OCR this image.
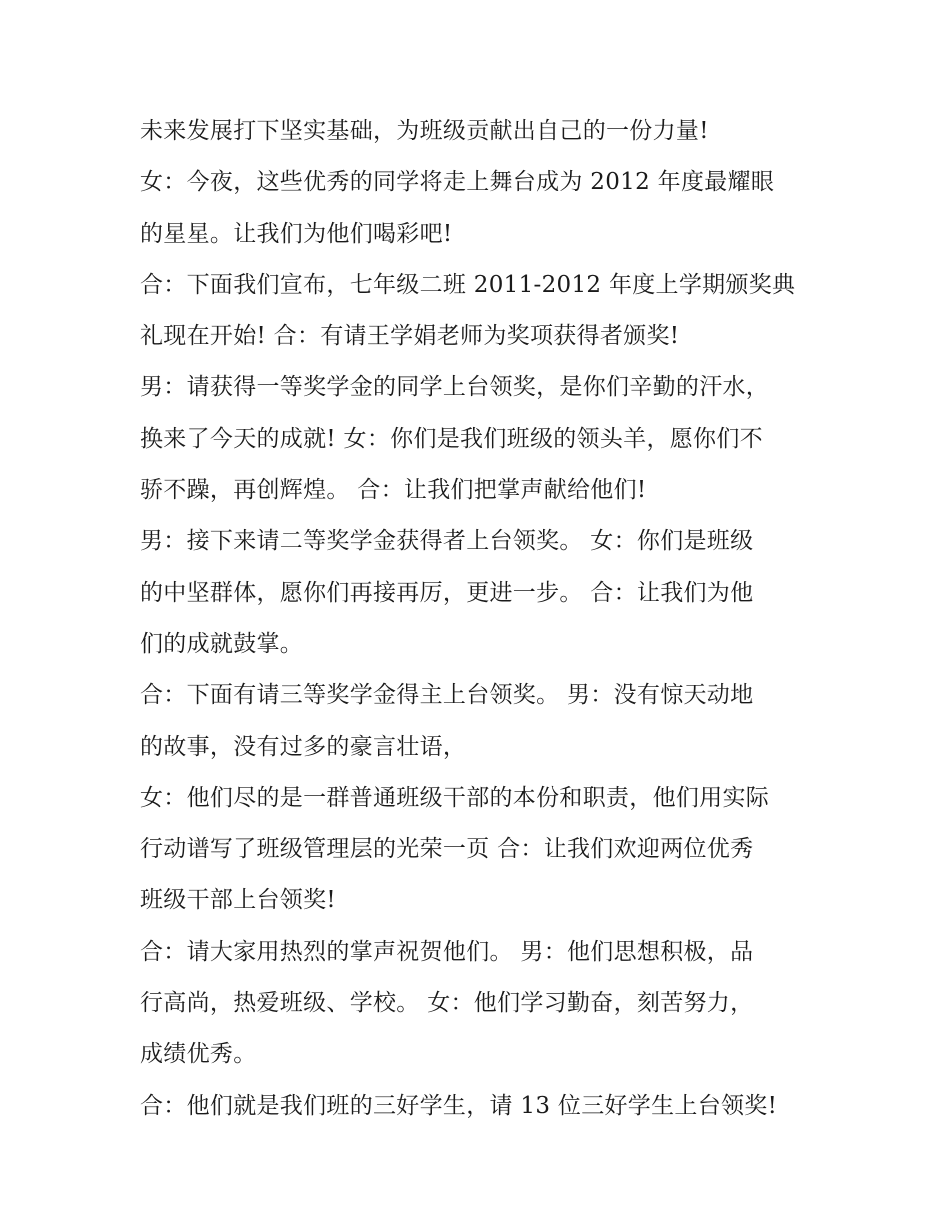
未来发展打下坚实基础，为班级贡献出自己的一份力量!
女：今夜，这些优秀的同学将走上舞台成为 2012 年度最耀眼
的星星。让我们为他们喝彩吧!
合：下面我们宣布，七年级二班 2011-2012 年度上学期颁奖典
礼现在开始! 合：有请王学娟老师为奖项获得者颁奖!
男：请获得一等奖学金的同学上台领奖，是你们辛勤的汗水，
换来了今天的成就! 女：你们是我们班级的领头羊，愿你们不
骄不躁，再创辉煌。 合：让我们把掌声献给他们!
男：接下来请二等奖学金获得者上台领奖。 女：你们是班级
的中坚群体，愿你们再接再厉，更进一步。 合：让我们为他
们的成就鼓掌。
合：下面有请三等奖学金得主上台领奖。 男：没有惊天动地
的故事，没有过多的豪言壮语，
女：他们尽的是一群普通班级干部的本份和职责，他们用实际
行动谱写了班级管理层的光荣一页 合：让我们欢迎两位优秀
班级干部上台领奖!
合：请大家用热烈的掌声祝贺他们。 男：他们思想积极，品
行高尚，热爱班级、学校。 女：他们学习勤奋，刻苦努力，
成绩优秀。
合：他们就是我们班的三好学生，请 13 位三好学生上台领奖!
